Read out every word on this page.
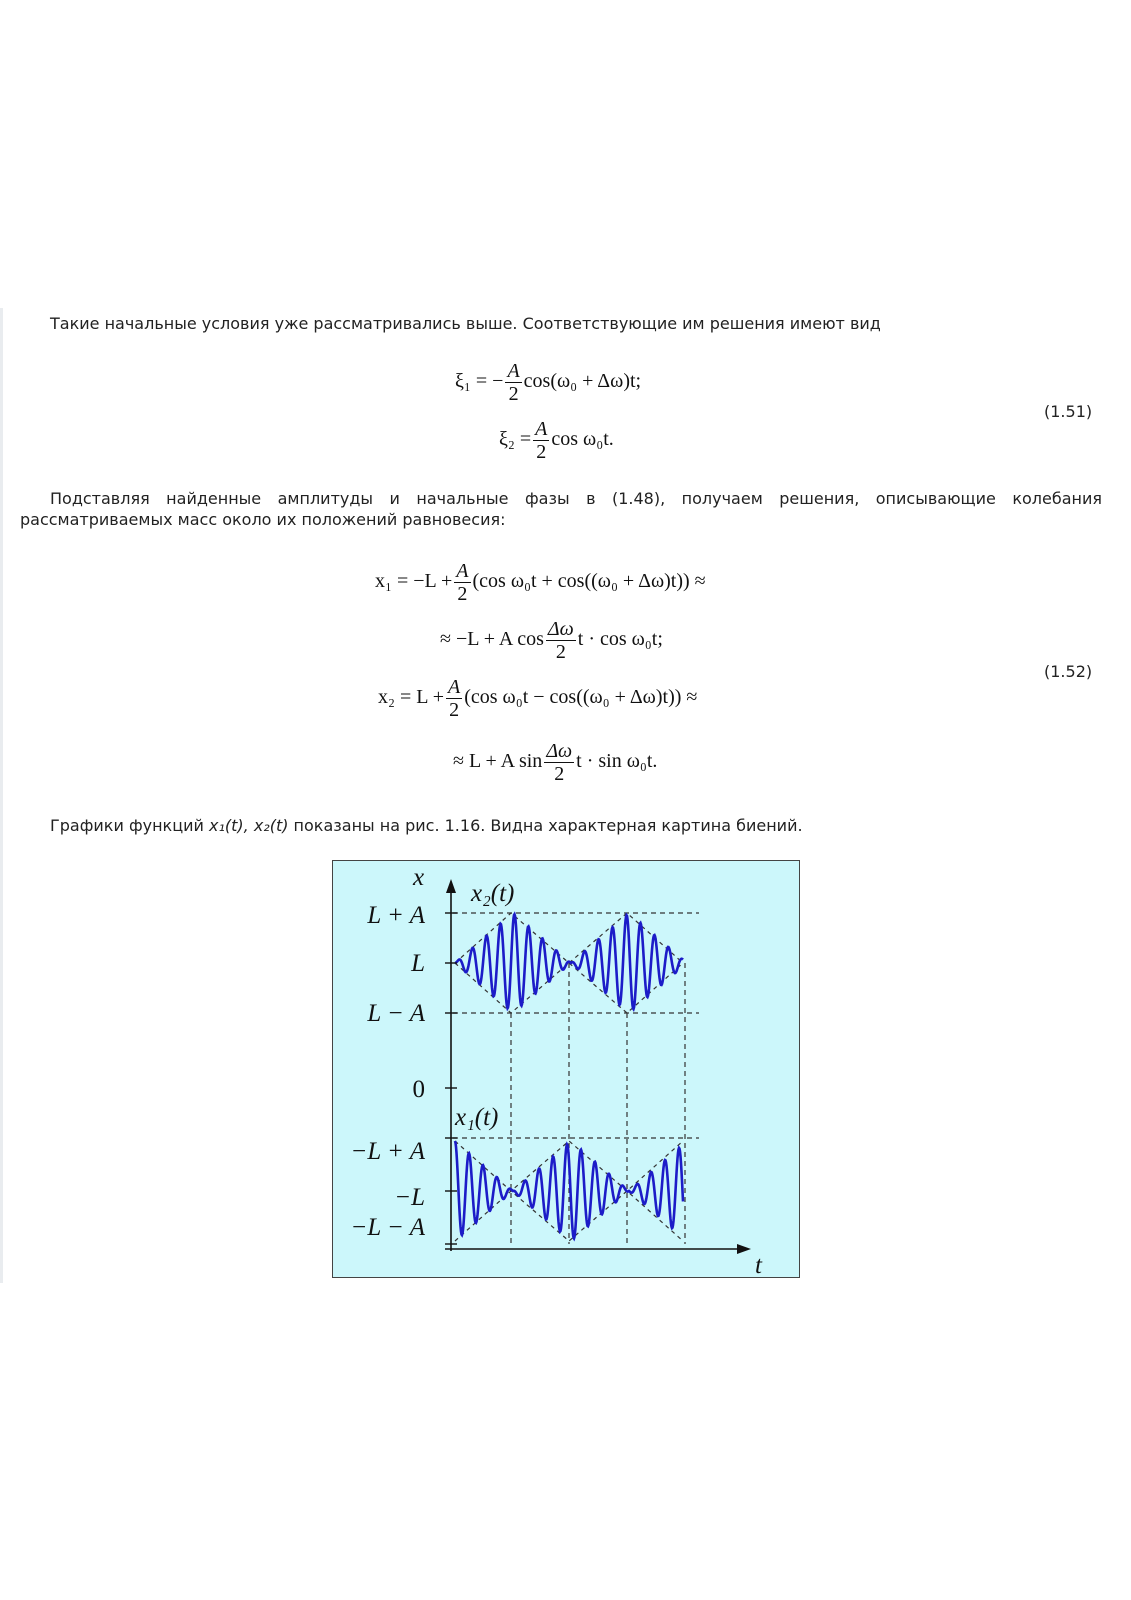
Такие начальные условия уже рассматривались выше. Соответствующие им решения имеют вид
ξ₁ = − $\frac{A}{2} \cos(\omega_0 + \Delta\omega)t$;
$\xi_2 = \frac{A}{2}$ cos ω₀t.
(1.51)
Подставляя найденные амплитуды и начальные фазы в (1.48), получаем решения, описывающие колебания
рассматриваемых масс около их положений равновесия:
$x_1 = -L + \frac{A}{2} (\cos$ ω₀t + cos((ω₀ + Δω)t)) ≈
≈ −L + A $\cos \frac{\Delta\omega}{2}$ t · cos ω₀t;
$x_2 = L + \frac{A}{2} (\cos$ ω₀t − cos((ω₀ + Δω)t)) ≈
≈ L + A $\sin \frac{\Delta\omega}{2}$ t · sin ω₀t.
(1.52)
Графики функций x₁(t), x₂(t) показаны на рис. 1.16. Видна характерная картина биений.
x
t
x₂(t)
x₁(t)
L + A
L
L − A
0
−L + A
−L
−L − A
